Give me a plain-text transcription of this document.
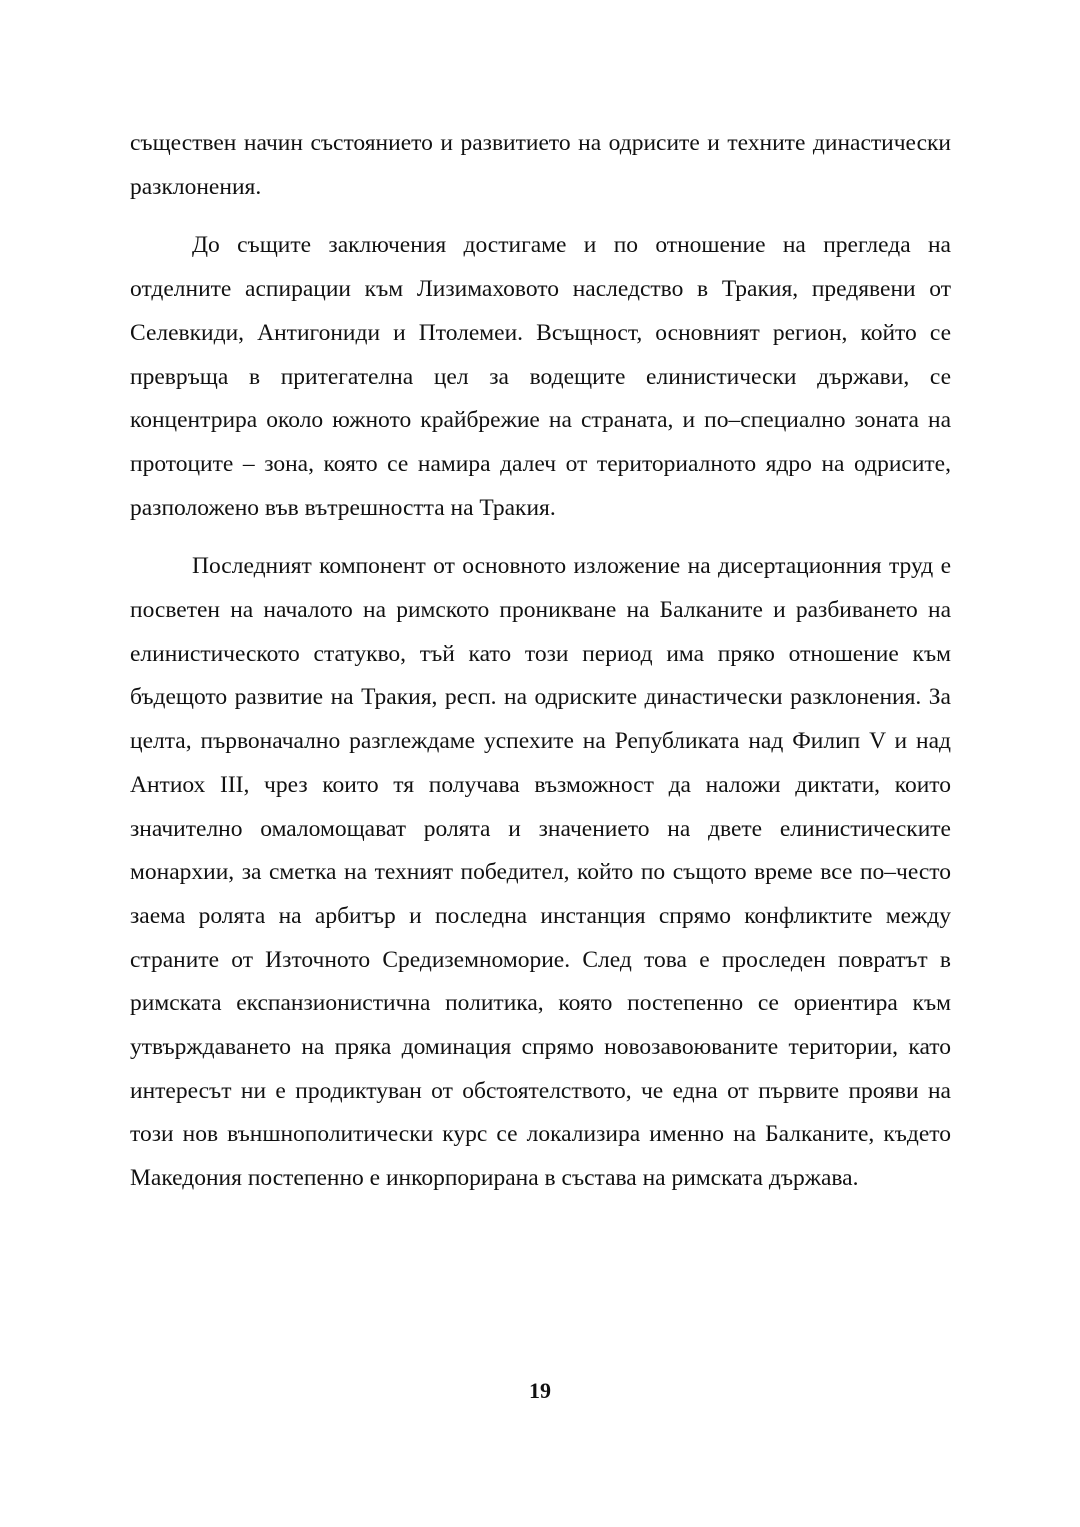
съществен начин състоянието и развитието на одрисите и техните династически разклонения.

До същите заключения достигаме и по отношение на прегледа на отделните аспирации към Лизимаховото наследство в Тракия, предявени от Селевкиди, Антигониди и Птолемеи. Всъщност, основният регион, който се превръща в притегателна цел за водещите елинистически държави, се концентрира около южното крайбрежие на страната, и по–специално зоната на протоците – зона, която се намира далеч от териториалното ядро на одрисите, разположено във вътрешността на Тракия.

Последният компонент от основното изложение на дисертационния труд е посветен на началото на римското проникване на Балканите и разбиването на елинистическото статукво, тъй като този период има пряко отношение към бъдещото развитие на Тракия, респ. на одриските династически разклонения. За целта, първоначално разглеждаме успехите на Републиката над Филип V и над Антиох III, чрез които тя получава възможност да наложи диктати, които значително омаломощават ролята и значението на двете елинистическите монархии, за сметка на техният победител, който по същото време все по–често заема ролята на арбитър и последна инстанция спрямо конфликтите между страните от Източното Средиземноморие. След това е проследен повратът в римската експанзионистична политика, която постепенно се ориентира към утвърждаването на пряка доминация спрямо новозавоюваните територии, като интересът ни е продиктуван от обстоятелството, че една от първите прояви на този нов външнополитически курс се локализира именно на Балканите, където Македония постепенно е инкорпорирана в състава на римската държава.

19
